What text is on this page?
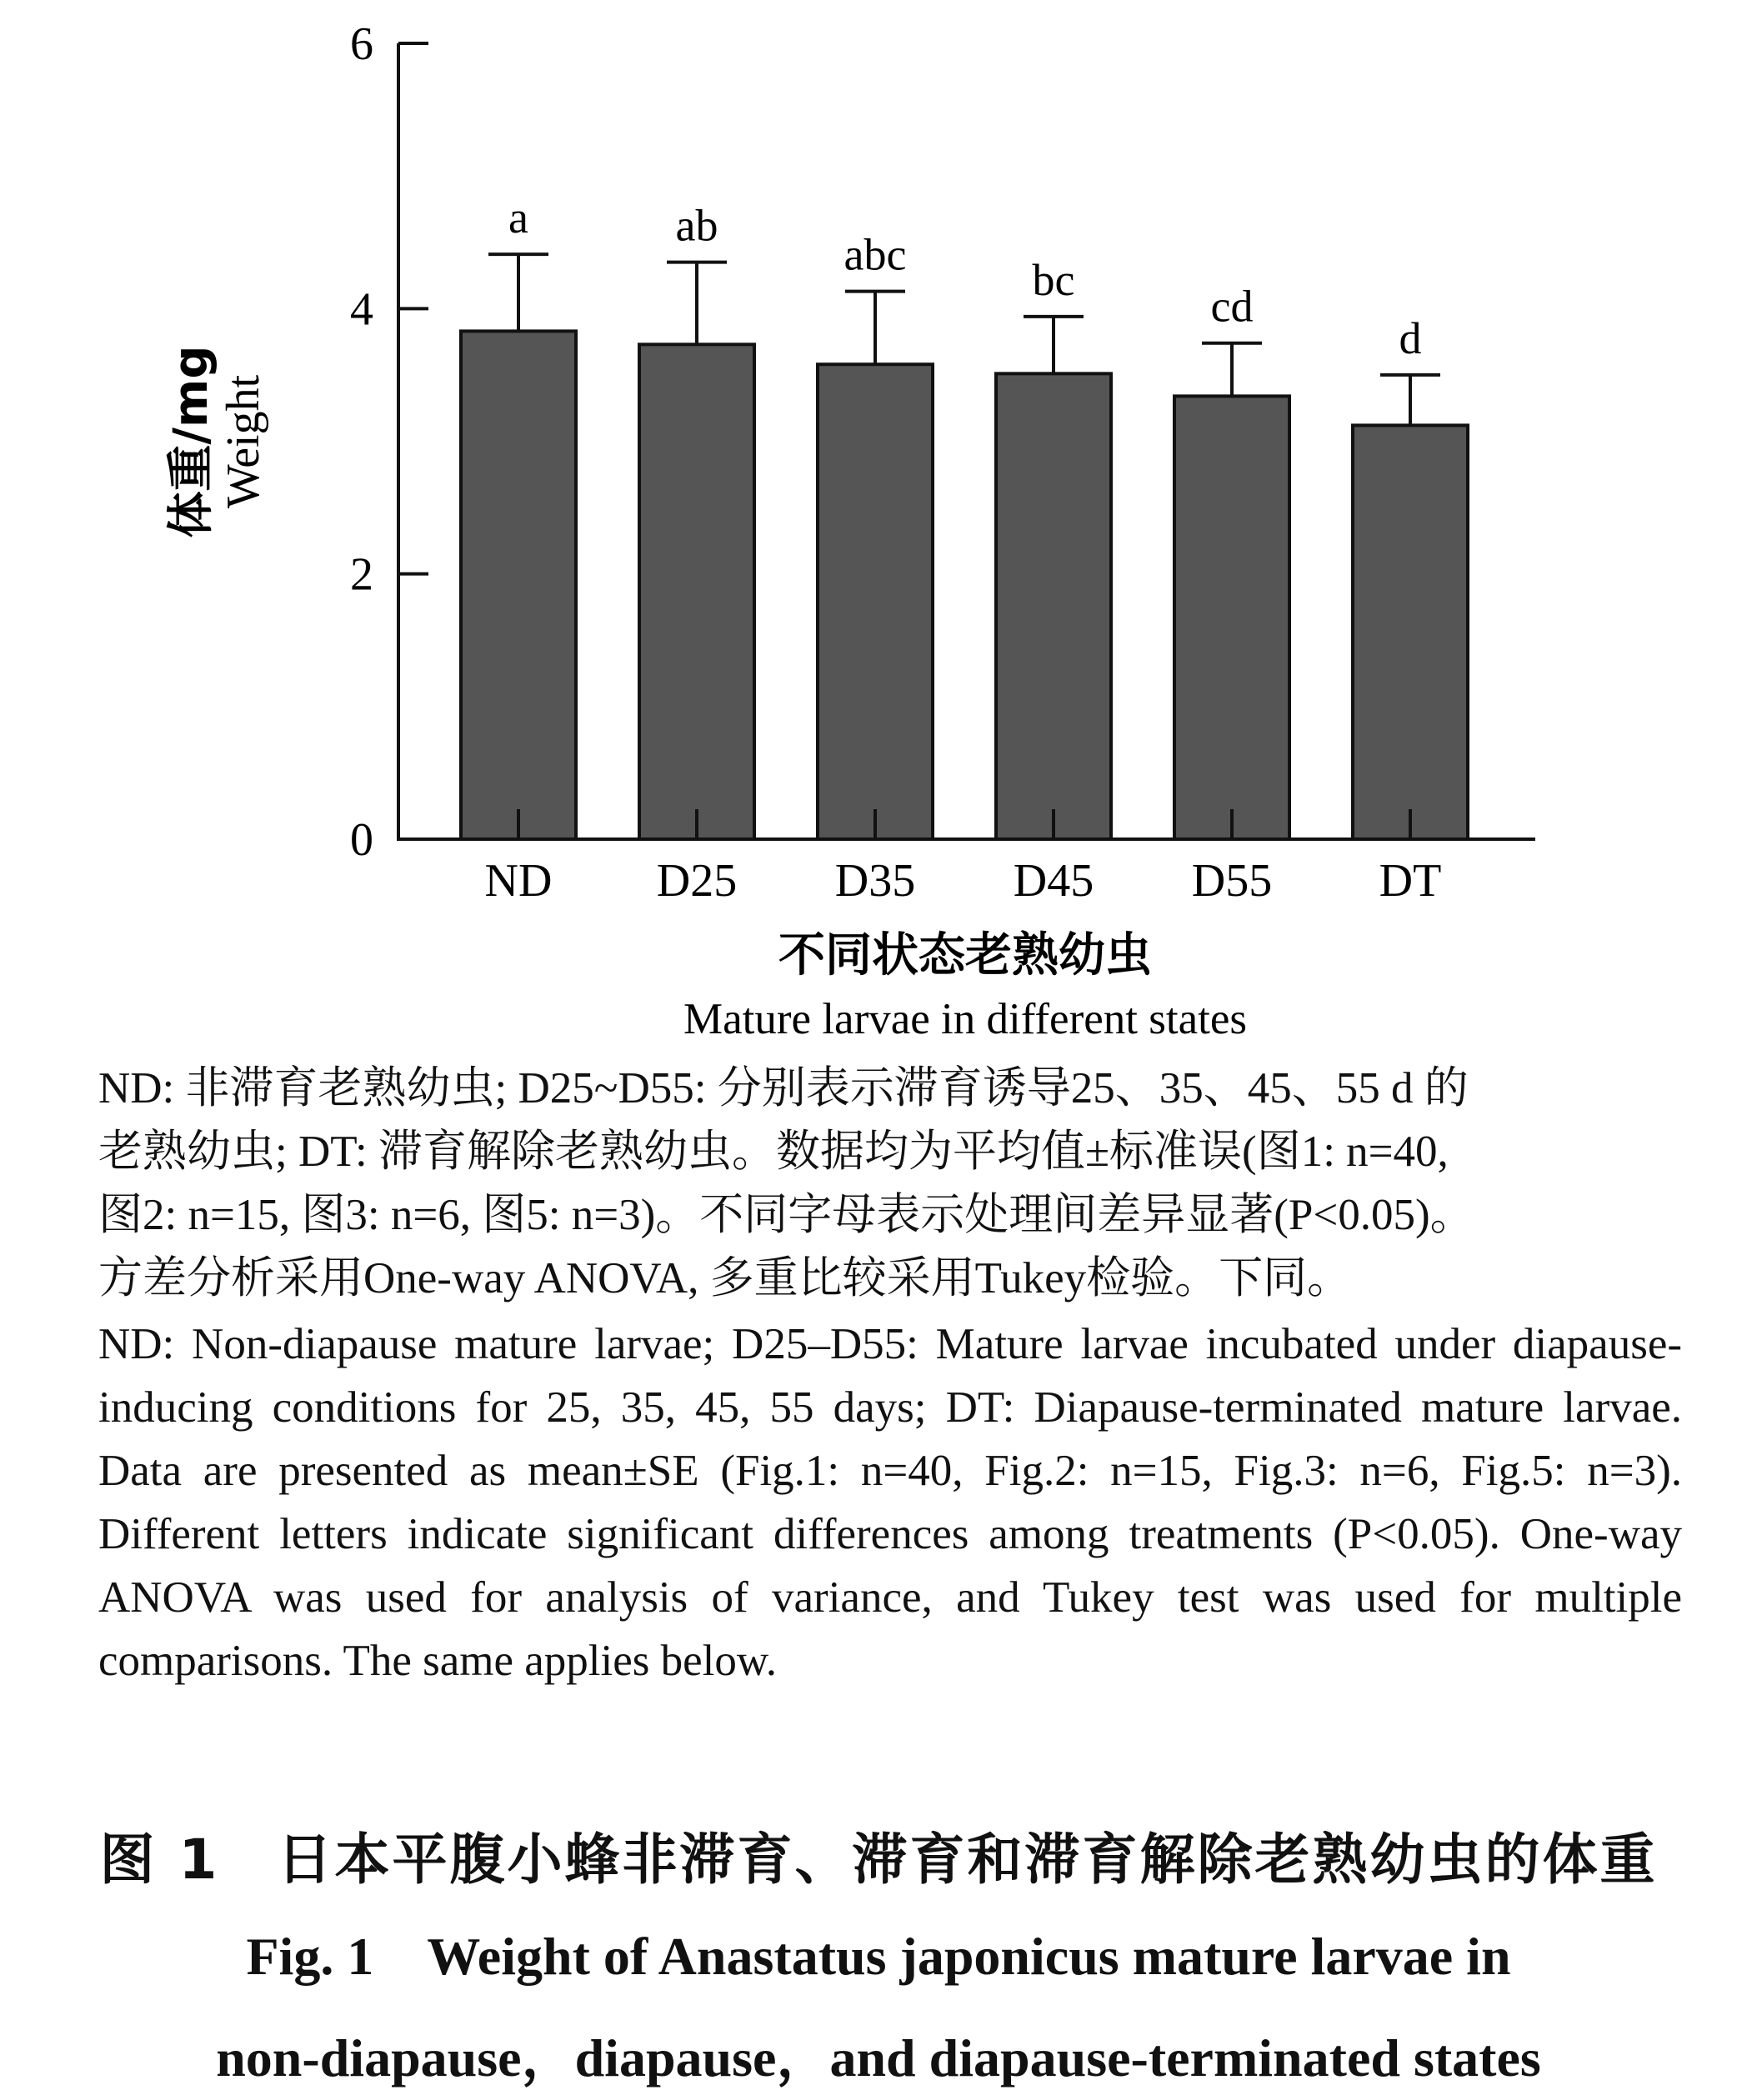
a	ab
abc
bc
cd
d
0
2
4
6
ND D25 D35 D45 D55 DT
体重/mg Weight
不同状态老熟幼虫
Mature larvae in different states

ND: 非滞育老熟幼虫; D25~D55: 分别表示滞育诱导25、35、45、55 d 的

老熟幼虫; DT: 滞育解除老熟幼虫。数据均为平均值±标准误(图1: n=40,

图2: n=15, 图3: n=6, 图5: n=3)。不同字母表示处理间差异显著(P<0.05)。

方差分析采用One-way ANOVA, 多重比较采用Tukey检验。下同。

ND: Non-diapause mature larvae; D25–D55: Mature larvae incubated under diapause-inducing conditions for 25, 35, 45, 55 days; DT: Diapause-terminated mature larvae. Data are presented as mean±SE (Fig.1: n=40, Fig.2: n=15, Fig.3: n=6, Fig.5: n=3). Different letters indicate significant differences among treatments (P<0.05). One-way ANOVA was used for analysis of variance, and Tukey test was used for multiple comparisons. The same applies below.
图 1　日本平腹小蜂非滞育、滞育和滞育解除老熟幼虫的体重
Fig. 1　Weight of Anastatus japonicus mature larvae in
non-diapause，diapause，and diapause-terminated states
